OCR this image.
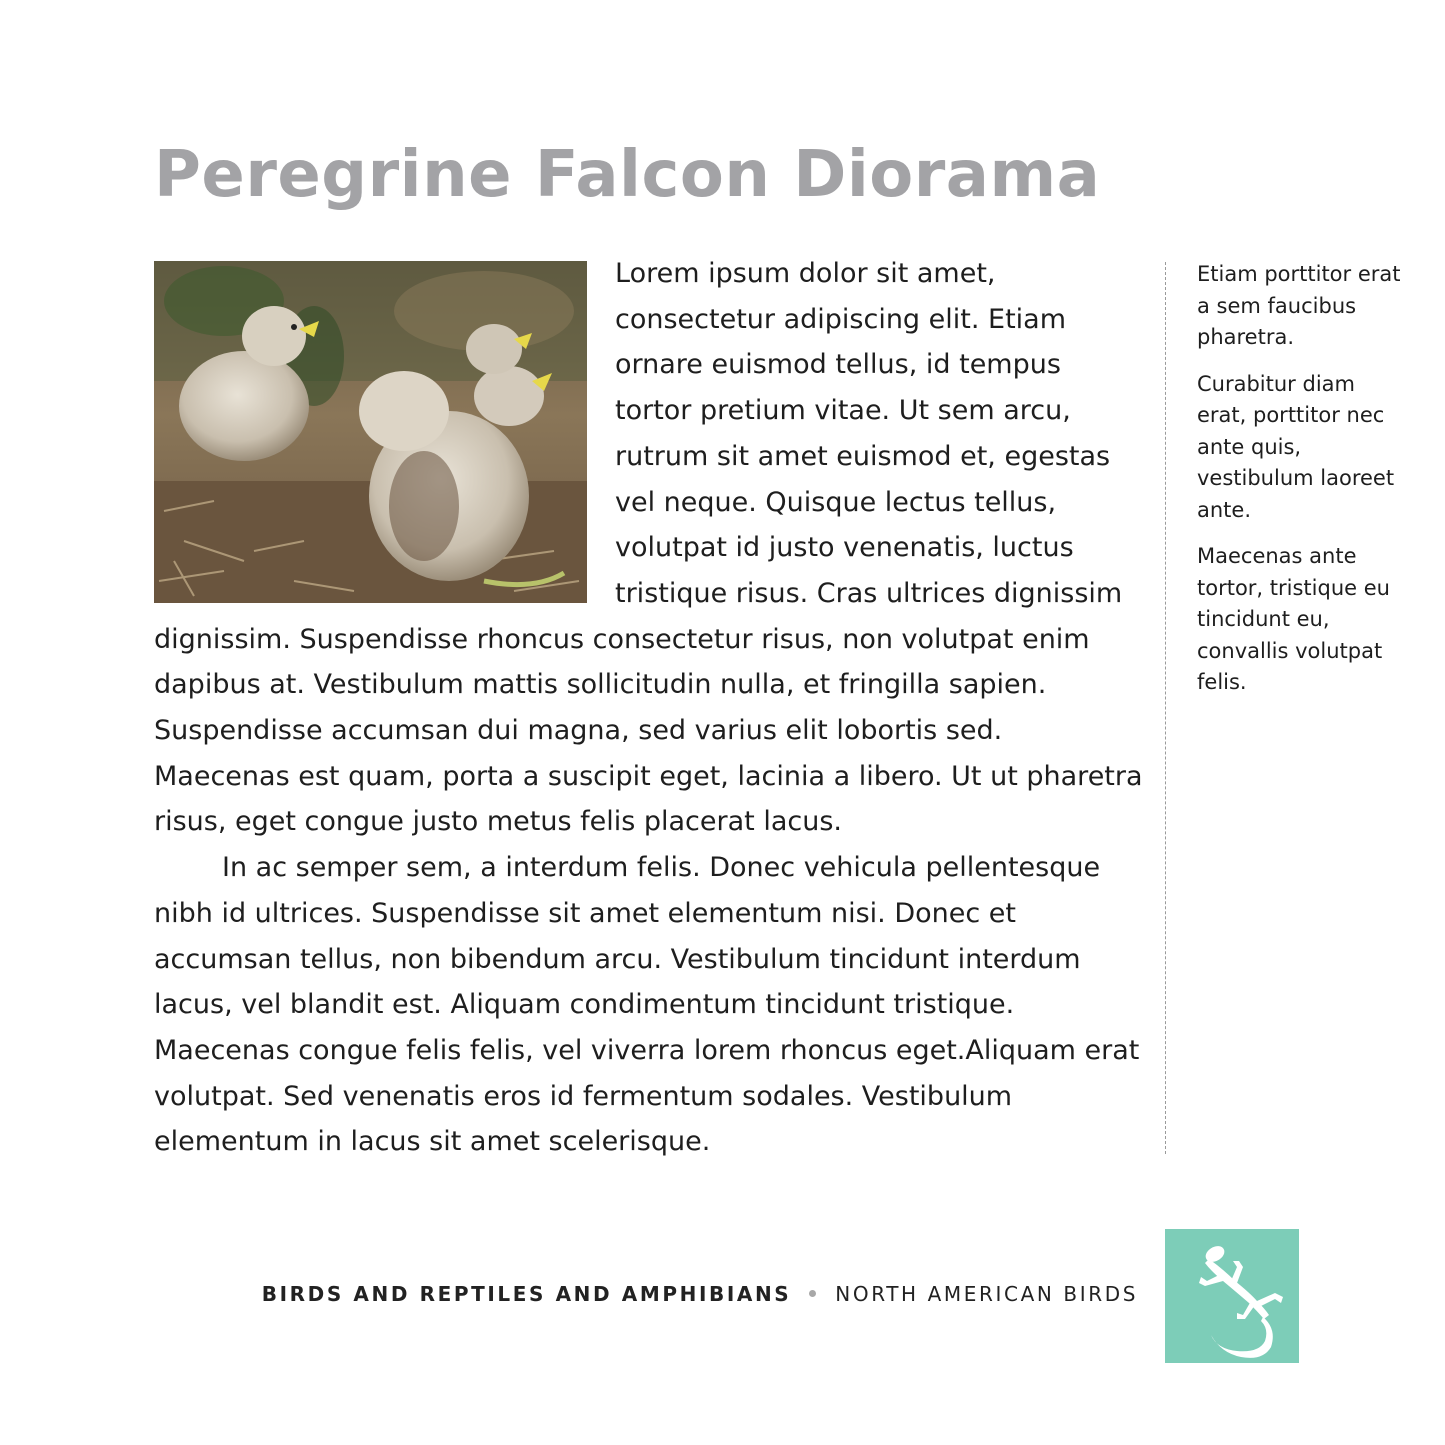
Peregrine Falcon Diorama

Lorem ipsum dolor sit amet, consectetur adipiscing elit. Etiam ornare euismod tellus, id tempus tortor pretium vitae. Ut sem arcu, rutrum sit amet euismod et, egestas vel neque. Quisque lectus tellus, volutpat id justo venenatis, luctus tristique risus. Cras ultrices dignissim dignissim. Suspendisse rhoncus consectetur risus, non volutpat enim dapibus at. Vestibulum mattis sollicitudin nulla, et fringilla sapien. Suspendisse accumsan dui magna, sed varius elit lobortis sed. Maecenas est quam, porta a suscipit eget, lacinia a libero. Ut ut pharetra risus, eget congue justo metus felis placerat lacus.

In ac semper sem, a interdum felis. Donec vehicula pellentesque nibh id ultrices. Suspendisse sit amet elementum nisi. Donec et accumsan tellus, non bibendum arcu. Vestibulum tincidunt interdum lacus, vel blandit est. Aliquam condimentum tincidunt tristique. Maecenas congue felis felis, vel viverra lorem rhoncus eget.Aliquam erat volutpat. Sed venenatis eros id fermentum sodales. Vestibulum elementum in lacus sit amet scelerisque.

Etiam porttitor erat a sem faucibus pharetra.

Curabitur diam erat, porttitor nec ante quis, vestibulum laoreet ante.

Maecenas ante tortor, tristique eu tincidunt eu, convallis volutpat felis.

BIRDS AND REPTILES AND AMPHIBIANS NORTH AMERICAN BIRDS
